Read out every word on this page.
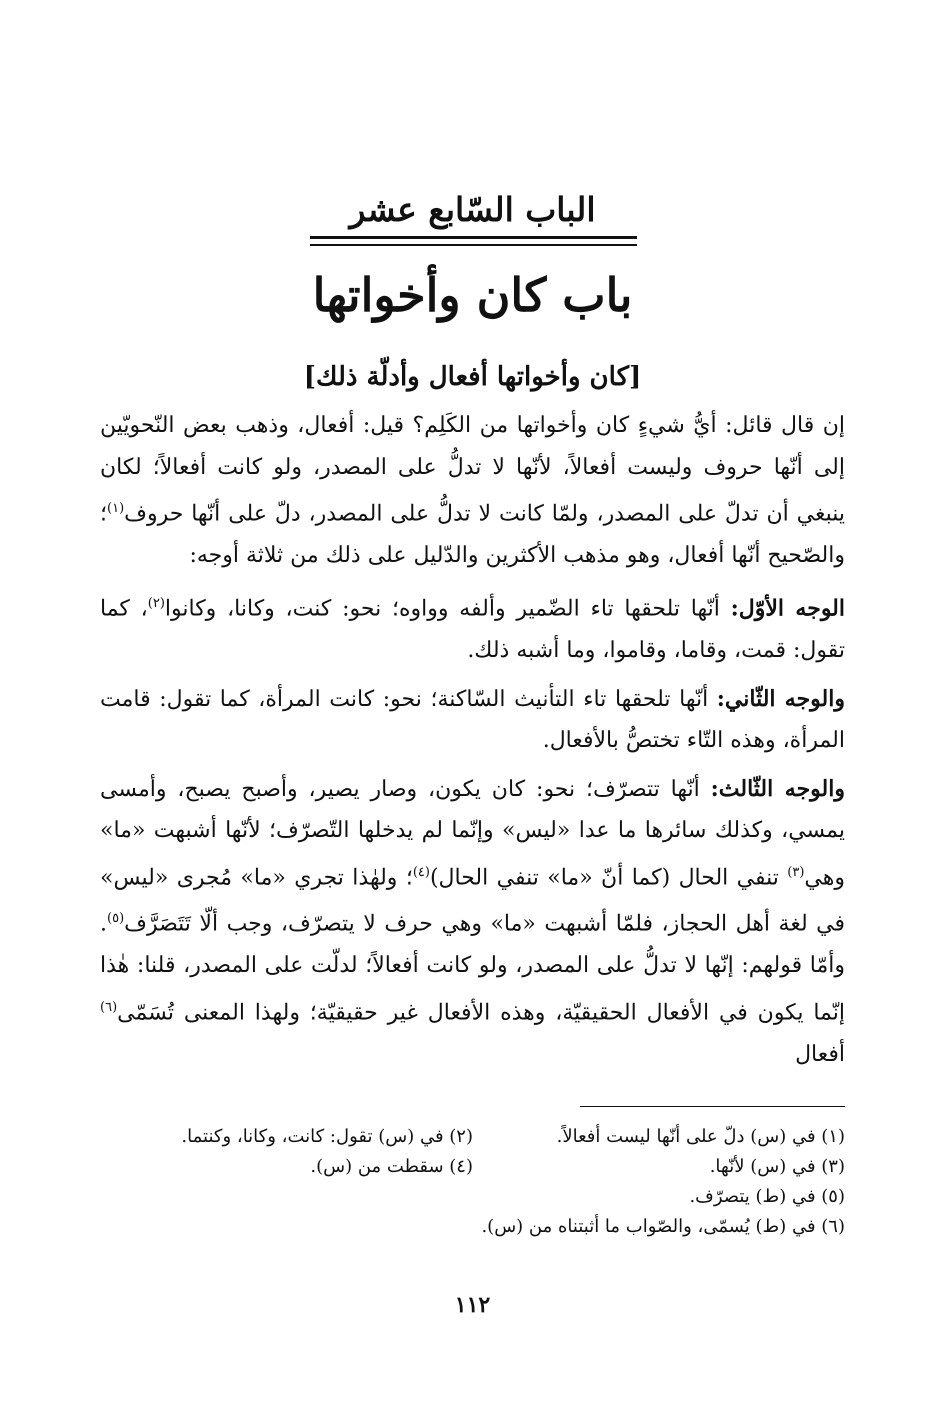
الباب السّابع عشر
باب كان وأخواتها
[كان وأخواتها أفعال وأدلّة ذلك]

إن قال قائل: أيُّ شيءٍ كان وأخواتها من الكَلِم؟ قيل: أفعال، وذهب بعض النّحويّين إلى أنّها حروف وليست أفعالاً، لأنّها لا تدلُّ على المصدر، ولو كانت أفعالاً؛ لكان ينبغي أن تدلّ على المصدر، ولمّا كانت لا تدلُّ على المصدر، دلّ على أنّها حروف$^{(١)}$؛ والصّحيح أنّها أفعال، وهو مذهب الأكثرين والدّليل على ذلك من ثلاثة أوجه:

الوجه الأوّل: أنّها تلحقها تاء الضّمير وألفه وواوه؛ نحو: كنت، وكانا، وكانوا$^{(٢)}$، كما تقول: قمت، وقاما، وقاموا، وما أشبه ذلك.

والوجه الثّاني: أنّها تلحقها تاء التأنيث السّاكنة؛ نحو: كانت المرأة، كما تقول: قامت المرأة، وهذه التّاء تختصُّ بالأفعال.

والوجه الثّالث: أنّها تتصرّف؛ نحو: كان يكون، وصار يصير، وأصبح يصبح، وأمسى يمسي، وكذلك سائرها ما عدا «ليس» وإنّما لم يدخلها التّصرّف؛ لأنّها أشبهت «ما» وهي$^{(٣)}$ تنفي الحال (كما أنّ «ما» تنفي الحال)$^{(٤)}$؛ ولهٰذا تجري «ما» مُجرى «ليس» في لغة أهل الحجاز، فلمّا أشبهت «ما» وهي حرف لا يتصرّف، وجب ألّا تَتَصَرَّف$^{(٥)}$. وأمّا قولهم: إنّها لا تدلُّ على المصدر، ولو كانت أفعالاً؛ لدلّت على المصدر، قلنا: هٰذا إنّما يكون في الأفعال الحقيقيّة، وهذه الأفعال غير حقيقيّة؛ ولهذا المعنى تُسَمّى$^{(٦)}$ أفعال

(١) في (س) دلّ على أنّها ليست أفعالاً.
(٢) في (س) تقول: كانت، وكانا، وكنتما.
(٣) في (س) لأنّها.
(٤) سقطت من (س).
(٥) في (ط) يتصرّف.
(٦) في (ط) يُسمّى، والصّواب ما أثبتناه من (س).
١١٢
